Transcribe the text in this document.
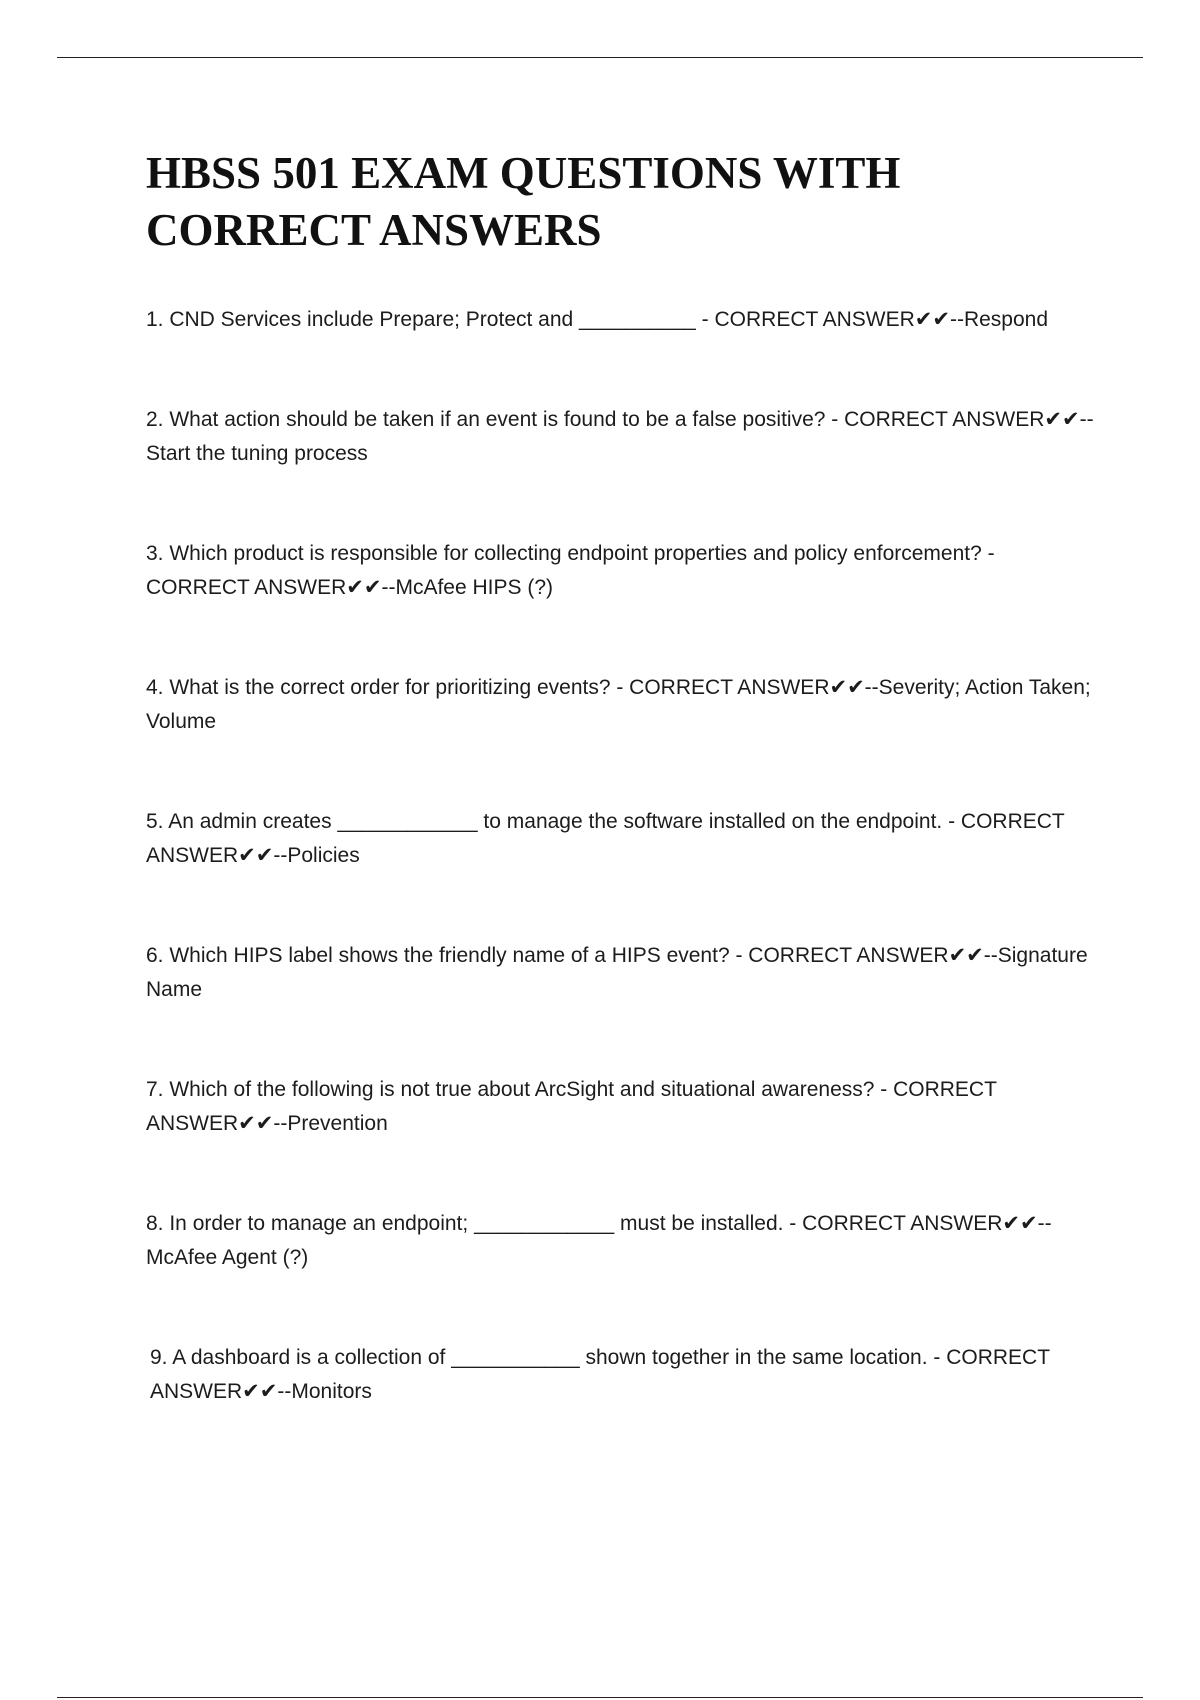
HBSS 501 EXAM QUESTIONS WITH CORRECT ANSWERS
1. CND Services include Prepare; Protect and __________ - CORRECT ANSWER✔✔--Respond
2. What action should be taken if an event is found to be a false positive? - CORRECT ANSWER✔✔--Start the tuning process
3. Which product is responsible for collecting endpoint properties and policy enforcement? - CORRECT ANSWER✔✔--McAfee HIPS (?)
4. What is the correct order for prioritizing events? - CORRECT ANSWER✔✔--Severity; Action Taken; Volume
5. An admin creates ____________ to manage the software installed on the endpoint. - CORRECT ANSWER✔✔--Policies
6. Which HIPS label shows the friendly name of a HIPS event? - CORRECT ANSWER✔✔--Signature Name
7. Which of the following is not true about ArcSight and situational awareness? - CORRECT ANSWER✔✔--Prevention
8. In order to manage an endpoint; ____________ must be installed. - CORRECT ANSWER✔✔--McAfee Agent (?)
9. A dashboard is a collection of ___________ shown together in the same location. - CORRECT ANSWER✔✔--Monitors
